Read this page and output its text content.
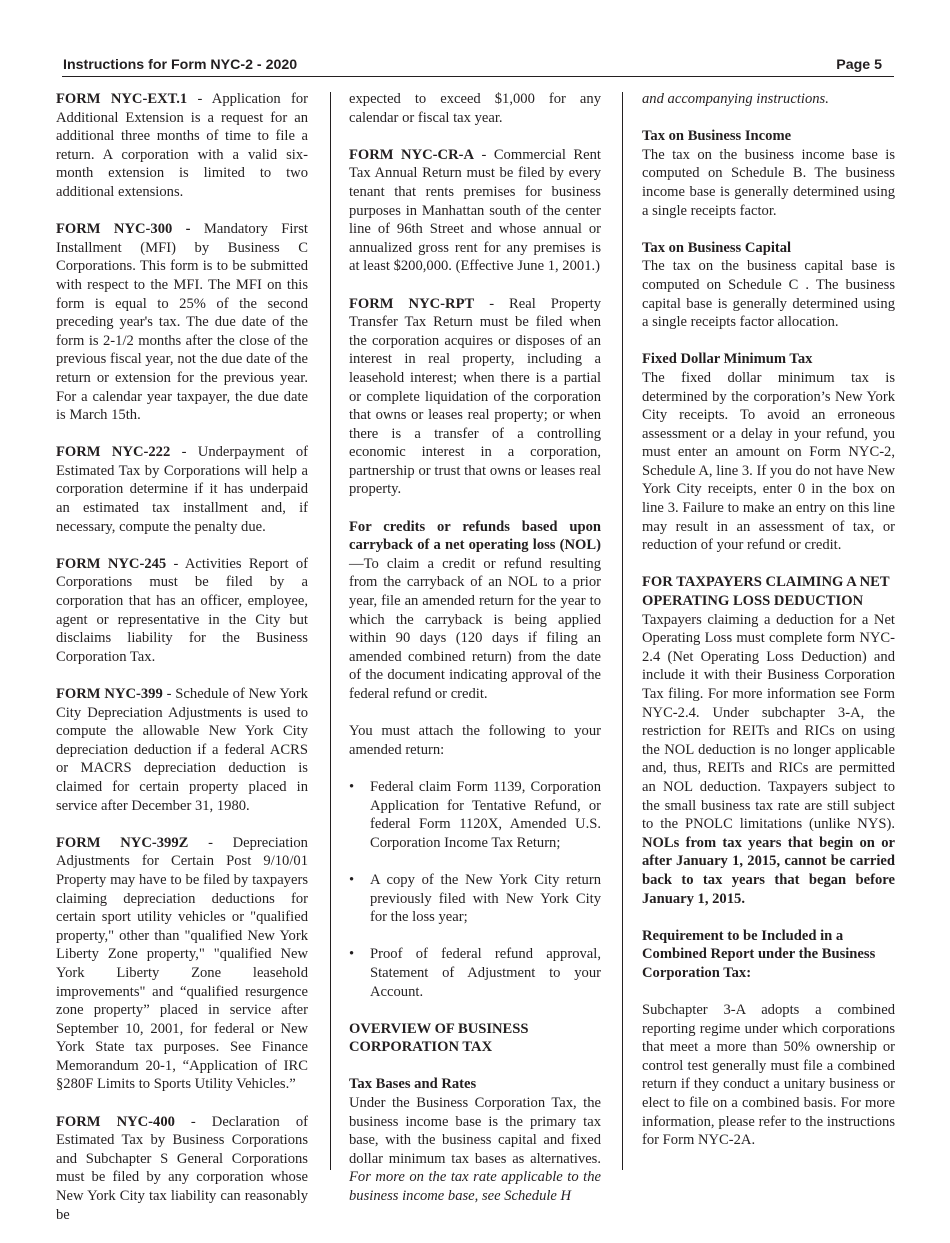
Instructions for Form NYC-2 - 2020	Page 5

FORM NYC-EXT.1 - Application for Additional Extension is a request for an additional three months of time to file a return. A corporation with a valid six-month extension is limited to two additional extensions.

FORM NYC-300 - Mandatory First Installment (MFI) by Business C Corporations. This form is to be submitted with respect to the MFI. The MFI on this form is equal to 25% of the second preceding year's tax. The due date of the form is 2-1/2 months after the close of the previous fiscal year, not the due date of the return or extension for the previous year. For a calendar year taxpayer, the due date is March 15th.

FORM NYC-222 - Underpayment of Estimated Tax by Corporations will help a corporation determine if it has underpaid an estimated tax installment and, if necessary, compute the penalty due.

FORM NYC-245 - Activities Report of Corporations must be filed by a corporation that has an officer, employee, agent or representative in the City but disclaims liability for the Business Corporation Tax.

FORM NYC-399 - Schedule of New York City Depreciation Adjustments is used to compute the allowable New York City depreciation deduction if a federal ACRS or MACRS depreciation deduction is claimed for certain property placed in service after December 31, 1980.

FORM NYC-399Z - Depreciation Adjustments for Certain Post 9/10/01 Property may have to be filed by taxpayers claiming depreciation deductions for certain sport utility vehicles or "qualified property," other than "qualified New York Liberty Zone property," "qualified New York Liberty Zone leasehold improvements" and “qualified resurgence zone property” placed in service after September 10, 2001, for federal or New York State tax purposes. See Finance Memorandum 20-1, “Application of IRC §280F Limits to Sports Utility Vehicles.”

FORM NYC-400 - Declaration of Estimated Tax by Business Corporations and Subchapter S General Corporations must be filed by any corporation whose New York City tax liability can reasonably be

expected to exceed $1,000 for any calendar or fiscal tax year.

FORM NYC-CR-A - Commercial Rent Tax Annual Return must be filed by every tenant that rents premises for business purposes in Manhattan south of the center line of 96th Street and whose annual or annualized gross rent for any premises is at least $200,000. (Effective June 1, 2001.)

FORM NYC-RPT - Real Property Transfer Tax Return must be filed when the corporation acquires or disposes of an interest in real property, including a leasehold interest; when there is a partial or complete liquidation of the corporation that owns or leases real property; or when there is a transfer of a controlling economic interest in a corporation, partnership or trust that owns or leases real property.

For credits or refunds based upon carryback of a net operating loss (NOL)—To claim a credit or refund resulting from the carryback of an NOL to a prior year, file an amended return for the year to which the carryback is being applied within 90 days (120 days if filing an amended combined return) from the date of the document indicating approval of the federal refund or credit.

You must attach the following to your amended return:

• Federal claim Form 1139, Corporation Application for Tentative Refund, or federal Form 1120X, Amended U.S. Corporation Income Tax Return;
• A copy of the New York City return previously filed with New York City for the loss year;
• Proof of federal refund approval, Statement of Adjustment to your Account.
OVERVIEW OF BUSINESS CORPORATION TAX
Tax Bases and Rates

Under the Business Corporation Tax, the business income base is the primary tax base, with the business capital and fixed dollar minimum tax bases as alternatives. For more on the tax rate applicable to the business income base, see Schedule H

and accompanying instructions.

Tax on Business Income

The tax on the business income base is computed on Schedule B. The business income base is generally determined using a single receipts factor.

Tax on Business Capital

The tax on the business capital base is computed on Schedule C . The business capital base is generally determined using a single receipts factor allocation.

Fixed Dollar Minimum Tax

The fixed dollar minimum tax is determined by the corporation’s New York City receipts. To avoid an erroneous assessment or a delay in your refund, you must enter an amount on Form NYC-2, Schedule A, line 3. If you do not have New York City receipts, enter 0 in the box on line 3. Failure to make an entry on this line may result in an assessment of tax, or reduction of your refund or credit.

FOR TAXPAYERS CLAIMING A NET OPERATING LOSS DEDUCTION

Taxpayers claiming a deduction for a Net Operating Loss must complete form NYC-2.4 (Net Operating Loss Deduction) and include it with their Business Corporation Tax filing. For more information see Form NYC-2.4. Under subchapter 3-A, the restriction for REITs and RICs on using the NOL deduction is no longer applicable and, thus, REITs and RICs are permitted an NOL deduction. Taxpayers subject to the small business tax rate are still subject to the PNOLC limitations (unlike NYS). NOLs from tax years that begin on or after January 1, 2015, cannot be carried back to tax years that began before January 1, 2015.

Requirement to be Included in a Combined Report under the Business Corporation Tax:

Subchapter 3-A adopts a combined reporting regime under which corporations that meet a more than 50% ownership or control test generally must file a combined return if they conduct a unitary business or elect to file on a combined basis. For more information, please refer to the instructions for Form NYC-2A.
